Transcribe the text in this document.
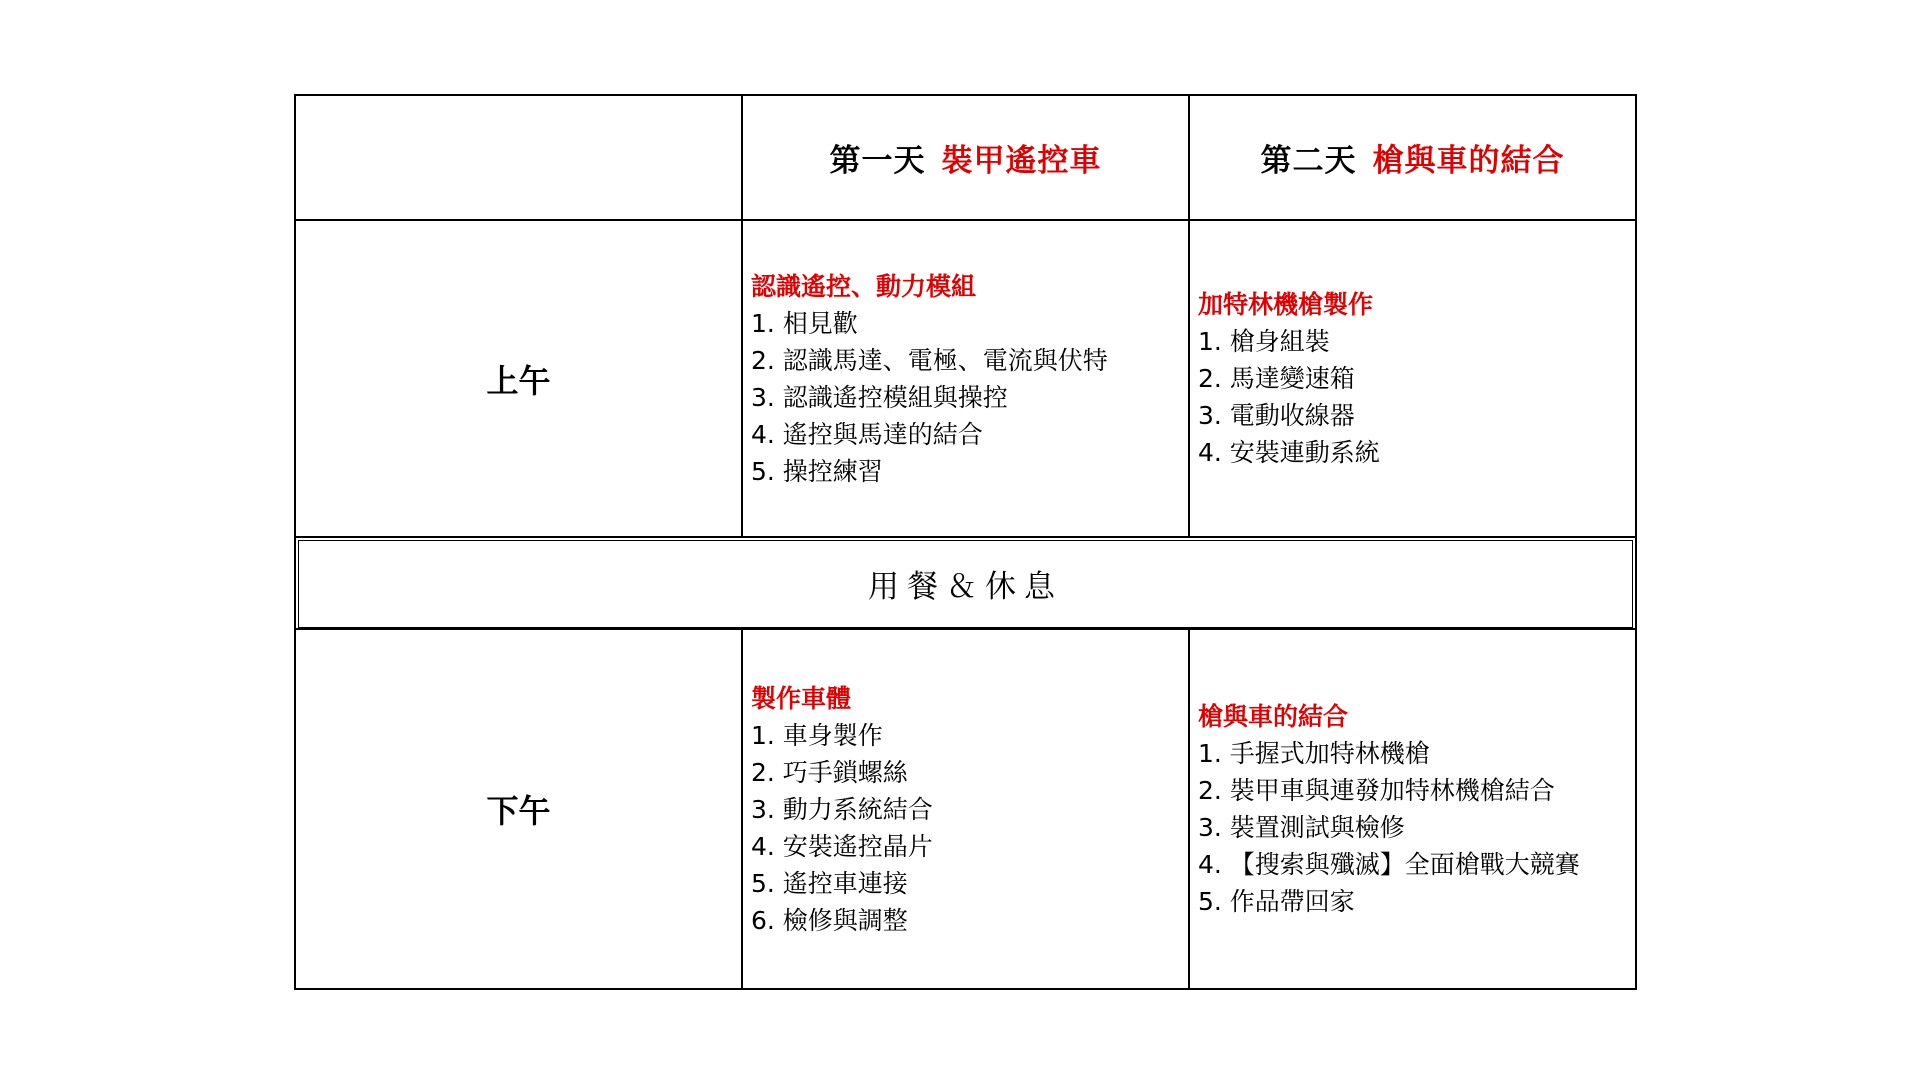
第一天 裝甲遙控車	第二天 槍與車的結合
上午

認識遙控、動力模組

1. 相見歡
2. 認識馬達、電極、電流與伏特
3. 認識遙控模組與操控
4. 遙控與馬達的結合
5. 操控練習

加特林機槍製作

1. 槍身組裝
2. 馬達變速箱
3. 電動收線器
4. 安裝連動系統
用餐＆休息
下午

製作車體

1. 車身製作
2. 巧手鎖螺絲
3. 動力系統結合
4. 安裝遙控晶片
5. 遙控車連接
6. 檢修與調整

槍與車的結合

1. 手握式加特林機槍
2. 裝甲車與連發加特林機槍結合
3. 裝置測試與檢修
4. 【搜索與殲滅】全面槍戰大競賽
5. 作品帶回家
